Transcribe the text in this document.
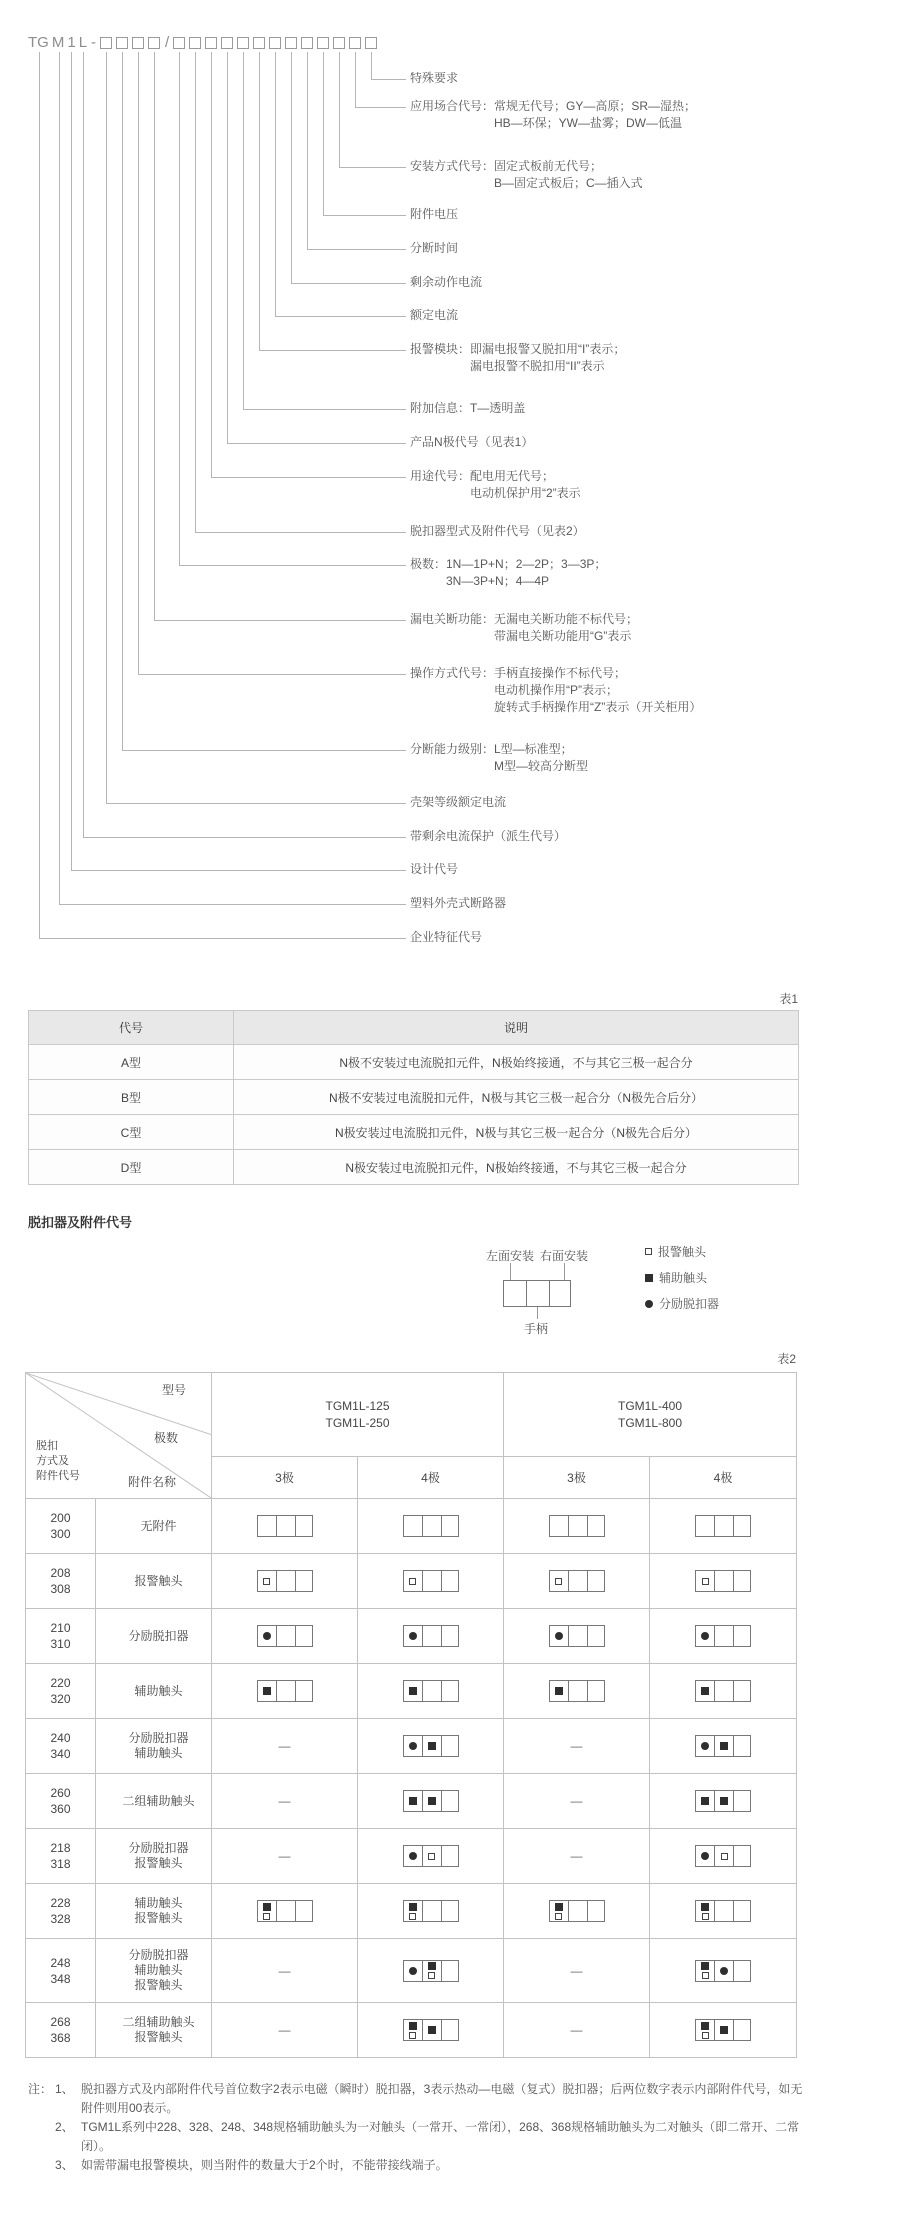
TG M 1 L -	/
特殊要求
应用场合代号：常规无代号；GY—高原；SR—湿热；
HB—环保；YW—盐雾；DW—低温
安装方式代号：固定式板前无代号；
B—固定式板后；C—插入式
附件电压
分断时间
剩余动作电流
额定电流
报警模块：即漏电报警又脱扣用“I”表示；
漏电报警不脱扣用“II”表示
附加信息：T—透明盖
产品N极代号（见表1）
用途代号：配电用无代号；
电动机保护用“2”表示
脱扣器型式及附件代号（见表2）
极数：1N—1P+N；2—2P；3—3P；
3N—3P+N；4—4P
漏电关断功能：无漏电关断功能不标代号；
带漏电关断功能用“G”表示
操作方式代号：手柄直接操作不标代号；
电动机操作用“P”表示；
旋转式手柄操作用“Z”表示（开关柜用）
分断能力级别：L型—标准型；
M型—较高分断型
壳架等级额定电流
带剩余电流保护（派生代号）
设计代号
塑料外壳式断路器
企业特征代号
表1
代号	说明
A型	N极不安装过电流脱扣元件，N极始终接通，不与其它三极一起合分
B型	N极不安装过电流脱扣元件，N极与其它三极一起合分（N极先合后分）
C型	N极安装过电流脱扣元件，N极与其它三极一起合分（N极先合后分）
D型	N极安装过电流脱扣元件，N极始终接通，不与其它三极一起合分
脱扣器及附件代号
左面安装 右面安装
手柄
报警触头
辅助触头
分励脱扣器
表2
型号
极数
脱扣
方式及
附件代号	附件名称

TGM1L-125
TGM1L-250

TGM1L-400
TGM1L-800

		3极	4极	3极	4极

200
300	无附件				

208
308	报警触头				

210
310	分励脱扣器				

220
320	辅助触头				

240
340

分励脱扣器
辅助触头	—		—	

260
360	二组辅助触头	—		—	

218
318

分励脱扣器
报警触头	—		—	

228
328

辅助触头
报警触头

248
348

分励脱扣器
辅助触头
报警触头
	—		—	

268
368

二组辅助触头
报警触头	—		—	
注： 1、 脱扣器方式及内部附件代号首位数字2表示电磁（瞬时）脱扣器，3表示热动—电磁（复式）脱扣器；后两位数字表示内部附件代号，如无附件则用00表示。
2、 TGM1L系列中228、328、248、348规格辅助触头为一对触头（一常开、一常闭），268、368规格辅助触头为二对触头（即二常开、二常闭）。
3、 如需带漏电报警模块，则当附件的数量大于2个时，不能带接线端子。
